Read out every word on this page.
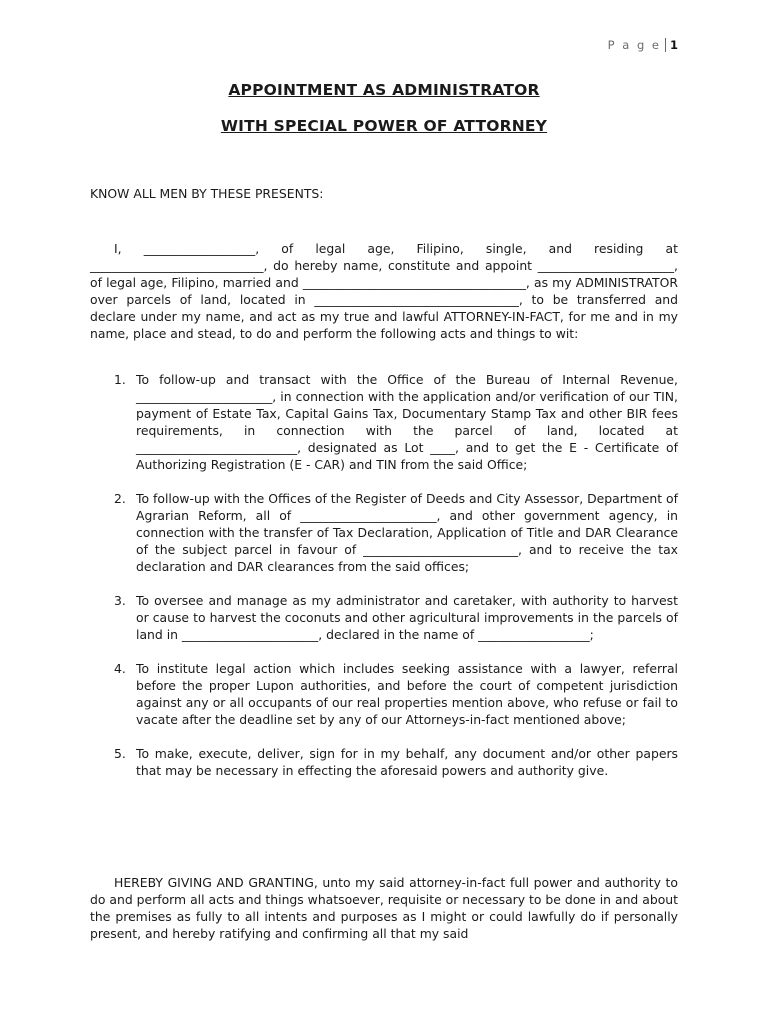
P a g e 1
APPOINTMENT AS ADMINISTRATOR
WITH SPECIAL POWER OF ATTORNEY
KNOW ALL MEN BY THESE PRESENTS:
I, __________________, of legal age, Filipino, single, and residing at ____________________________, do hereby name, constitute and appoint ______________________, of legal age, Filipino, married and ____________________________________, as my ADMINISTRATOR over parcels of land, located in _________________________________, to be transferred and declare under my name, and act as my true and lawful ATTORNEY-IN-FACT, for me and in my name, place and stead, to do and perform the following acts and things to wit:
1. To follow-up and transact with the Office of the Bureau of Internal Revenue, ______________________, in connection with the application and/or verification of our TIN, payment of Estate Tax, Capital Gains Tax, Documentary Stamp Tax and other BIR fees requirements, in connection with the parcel of land, located at __________________________, designated as Lot ____, and to get the E - Certificate of Authorizing Registration (E - CAR) and TIN from the said Office;
2. To follow-up with the Offices of the Register of Deeds and City Assessor, Department of Agrarian Reform, all of ______________________, and other government agency, in connection with the transfer of Tax Declaration, Application of Title and DAR Clearance of the subject parcel in favour of _________________________, and to receive the tax declaration and DAR clearances from the said offices;
3. To oversee and manage as my administrator and caretaker, with authority to harvest or cause to harvest the coconuts and other agricultural improvements in the parcels of land in ______________________, declared in the name of __________________;
4. To institute legal action which includes seeking assistance with a lawyer, referral before the proper Lupon authorities, and before the court of competent jurisdiction against any or all occupants of our real properties mention above, who refuse or fail to vacate after the deadline set by any of our Attorneys-in-fact mentioned above;
5. To make, execute, deliver, sign for in my behalf, any document and/or other papers that may be necessary in effecting the aforesaid powers and authority give.
HEREBY GIVING AND GRANTING, unto my said attorney-in-fact full power and authority to do and perform all acts and things whatsoever, requisite or necessary to be done in and about the premises as fully to all intents and purposes as I might or could lawfully do if personally present, and hereby ratifying and confirming all that my said
